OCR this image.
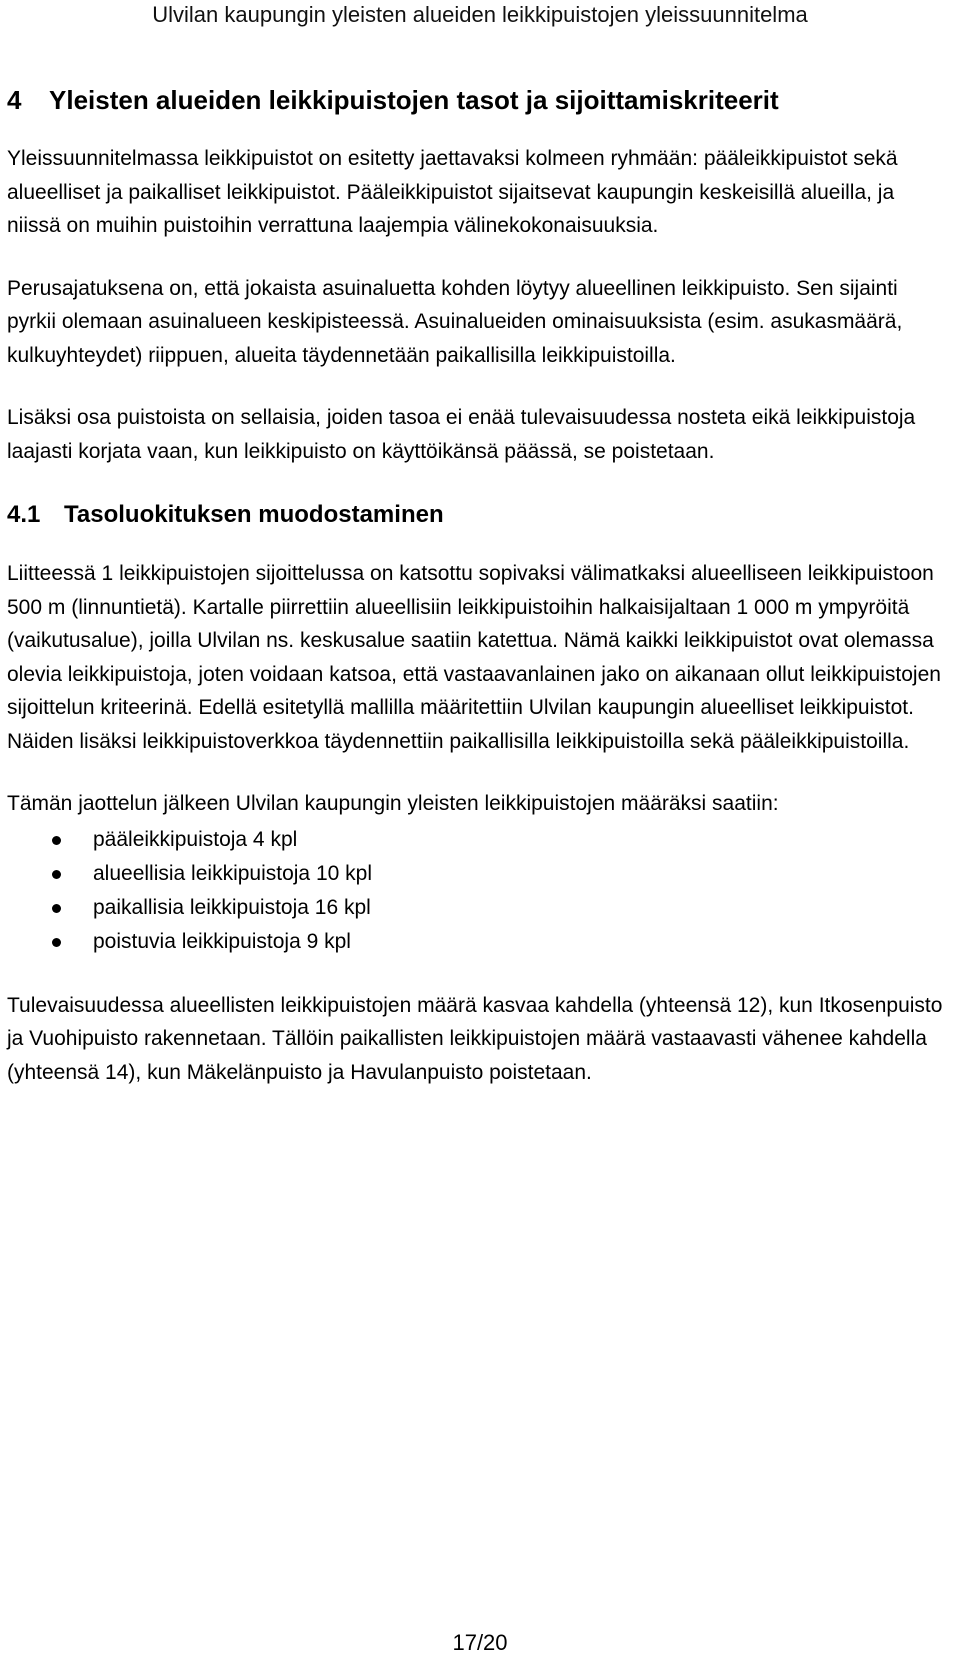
Ulvilan kaupungin yleisten alueiden leikkipuistojen yleissuunnitelma
4 Yleisten alueiden leikkipuistojen tasot ja sijoittamiskriteerit

Yleissuunnitelmassa leikkipuistot on esitetty jaettavaksi kolmeen ryhmään: pääleikkipuistot sekä alueelliset ja paikalliset leikkipuistot. Pääleikkipuistot sijaitsevat kaupungin keskeisillä alueilla, ja niissä on muihin puistoihin verrattuna laajempia välinekokonaisuuksia.

Perusajatuksena on, että jokaista asuinaluetta kohden löytyy alueellinen leikkipuisto. Sen sijainti pyrkii olemaan asuinalueen keskipisteessä. Asuinalueiden ominaisuuksista (esim. asukasmäärä, kulkuyhteydet) riippuen, alueita täydennetään paikallisilla leikkipuistoilla.

Lisäksi osa puistoista on sellaisia, joiden tasoa ei enää tulevaisuudessa nosteta eikä leikkipuistoja laajasti korjata vaan, kun leikkipuisto on käyttöikänsä päässä, se poistetaan.

4.1 Tasoluokituksen muodostaminen

Liitteessä 1 leikkipuistojen sijoittelussa on katsottu sopivaksi välimatkaksi alueelliseen leikkipuistoon 500 m (linnuntietä). Kartalle piirrettiin alueellisiin leikkipuistoihin halkaisijaltaan 1 000 m ympyröitä (vaikutusalue), joilla Ulvilan ns. keskusalue saatiin katettua. Nämä kaikki leikkipuistot ovat olemassa olevia leikkipuistoja, joten voidaan katsoa, että vastaavanlainen jako on aikanaan ollut leikkipuistojen sijoittelun kriteerinä. Edellä esitetyllä mallilla määritettiin Ulvilan kaupungin alueelliset leikkipuistot. Näiden lisäksi leikkipuistoverkkoa täydennettiin paikallisilla leikkipuistoilla sekä pääleikkipuistoilla.

Tämän jaottelun jälkeen Ulvilan kaupungin yleisten leikkipuistojen määräksi saatiin:

pääleikkipuistoja 4 kpl
alueellisia leikkipuistoja 10 kpl
paikallisia leikkipuistoja 16 kpl
poistuvia leikkipuistoja 9 kpl

Tulevaisuudessa alueellisten leikkipuistojen määrä kasvaa kahdella (yhteensä 12), kun Itkosenpuisto ja Vuohipuisto rakennetaan. Tällöin paikallisten leikkipuistojen määrä vastaavasti vähenee kahdella (yhteensä 14), kun Mäkelänpuisto ja Havulanpuisto poistetaan.

17/20
